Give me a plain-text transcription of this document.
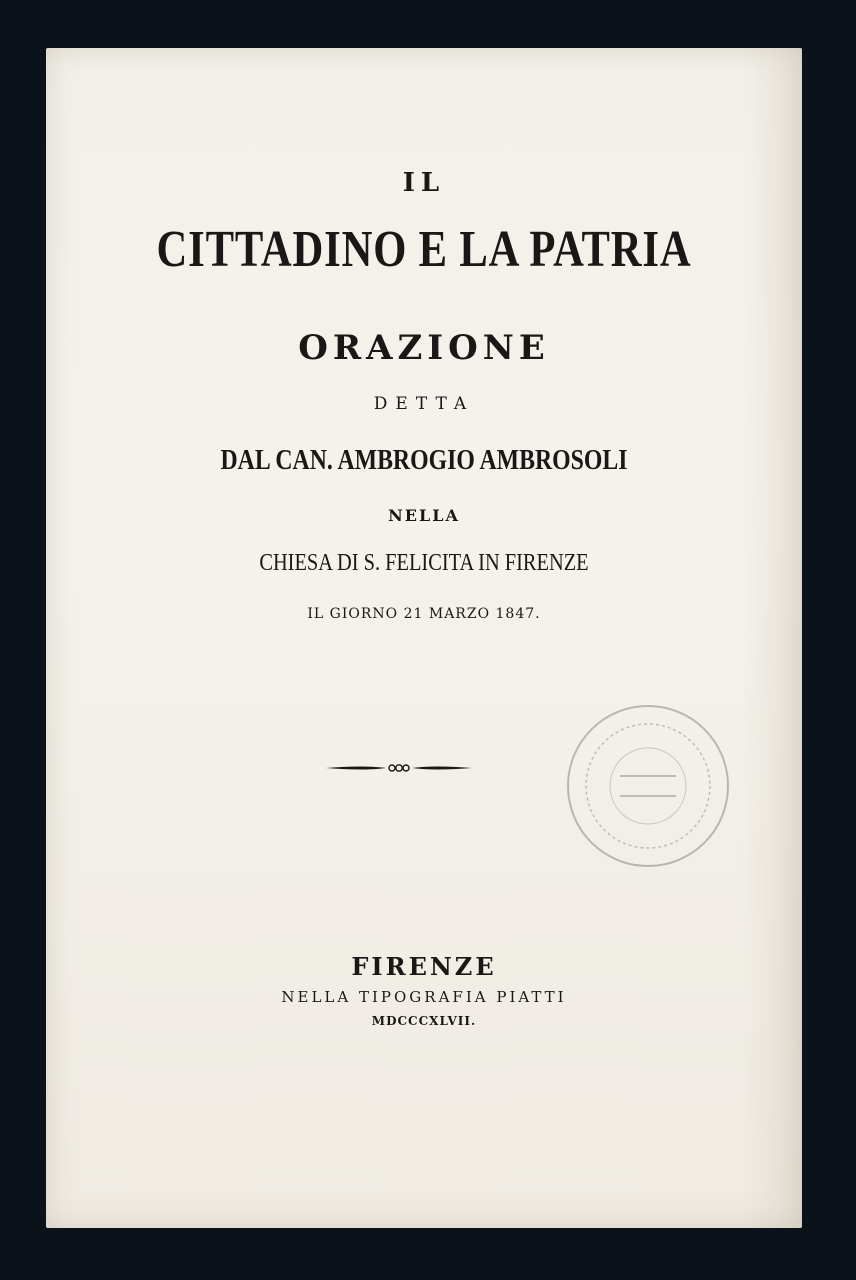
IL
CITTADINO E LA PATRIA
ORAZIONE
DETTA
DAL CAN. AMBROGIO AMBROSOLI
NELLA
CHIESA DI S. FELICITA IN FIRENZE
IL GIORNO 21 MARZO 1847.
FIRENZE
NELLA TIPOGRAFIA PIATTI
MDCCCXLVII.
